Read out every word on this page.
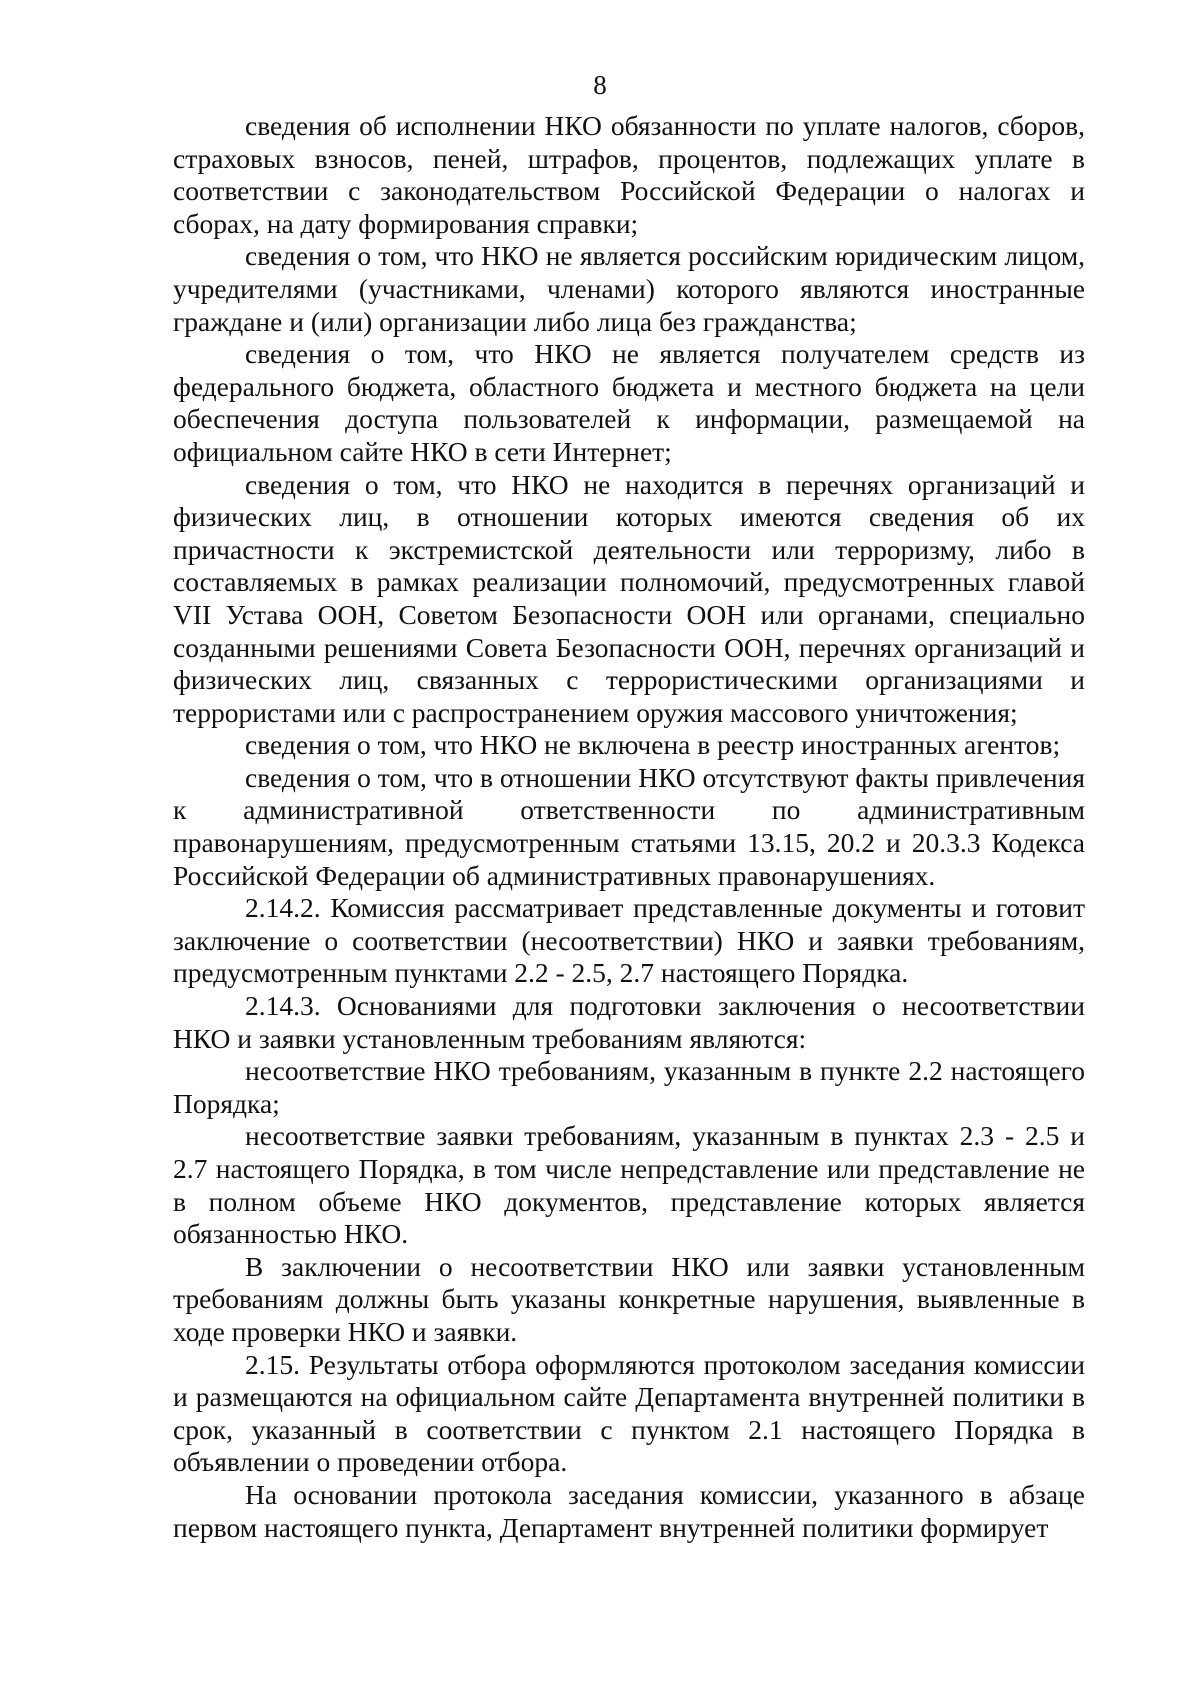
8

сведения об исполнении НКО обязанности по уплате налогов, сборов, страховых взносов, пеней, штрафов, процентов, подлежащих уплате в соответствии с законодательством Российской Федерации о налогах и сборах, на дату формирования справки;

сведения о том, что НКО не является российским юридическим лицом, учредителями (участниками, членами) которого являются иностранные граждане и (или) организации либо лица без гражданства;

сведения о том, что НКО не является получателем средств из федерального бюджета, областного бюджета и местного бюджета на цели обеспечения доступа пользователей к информации, размещаемой на официальном сайте НКО в сети Интернет;

сведения о том, что НКО не находится в перечнях организаций и физических лиц, в отношении которых имеются сведения об их причастности к экстремистской деятельности или терроризму, либо в составляемых в рамках реализации полномочий, предусмотренных главой VII Устава ООН, Советом Безопасности ООН или органами, специально созданными решениями Совета Безопасности ООН, перечнях организаций и физических лиц, связанных с террористическими организациями и террористами или с распространением оружия массового уничтожения;

сведения о том, что НКО не включена в реестр иностранных агентов;

сведения о том, что в отношении НКО отсутствуют факты привлечения к административной ответственности по административным правонарушениям, предусмотренным статьями 13.15, 20.2 и 20.3.3 Кодекса Российской Федерации об административных правонарушениях.

2.14.2. Комиссия рассматривает представленные документы и готовит заключение о соответствии (несоответствии) НКО и заявки требованиям, предусмотренным пунктами 2.2 - 2.5, 2.7 настоящего Порядка.

2.14.3. Основаниями для подготовки заключения о несоответствии НКО и заявки установленным требованиям являются:

несоответствие НКО требованиям, указанным в пункте 2.2 настоящего Порядка;

несоответствие заявки требованиям, указанным в пунктах 2.3 - 2.5 и 2.7 настоящего Порядка, в том числе непредставление или представление не в полном объеме НКО документов, представление которых является обязанностью НКО.

В заключении о несоответствии НКО или заявки установленным требованиям должны быть указаны конкретные нарушения, выявленные в ходе проверки НКО и заявки.

2.15. Результаты отбора оформляются протоколом заседания комиссии и размещаются на официальном сайте Департамента внутренней политики в срок, указанный в соответствии с пунктом 2.1 настоящего Порядка в объявлении о проведении отбора.

На основании протокола заседания комиссии, указанного в абзаце первом настоящего пункта, Департамент внутренней политики формирует
